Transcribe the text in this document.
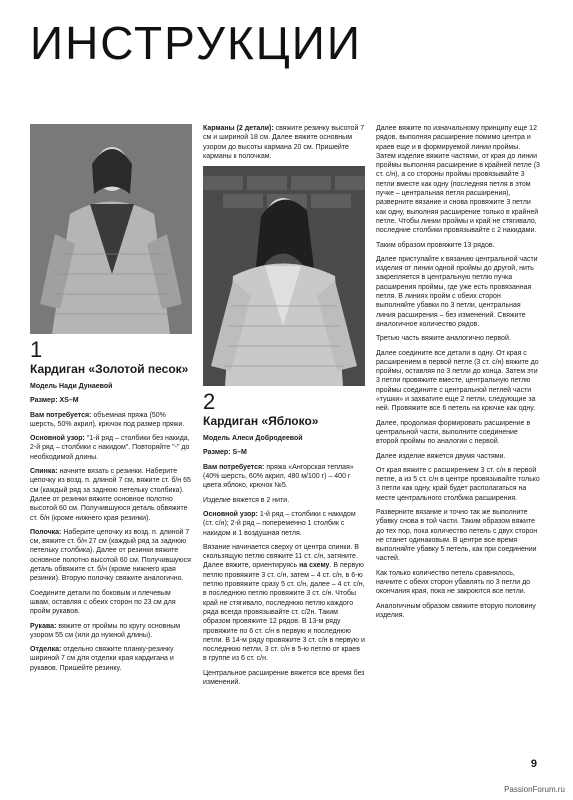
ИНСТРУКЦИИ
1
Кардиган «Золотой песок»

Модель Нади Дунаевой

Размер: XS–M

Вам потребуется: объемная пряжа (50% шерсть, 50% акрил), крючок под размер пряжи.

Основной узор: "1-й ряд – столбики без накида, 2-й ряд – столбики с накидом". Повторяйте "-" до необходимой длины.

Спинка: начните вязать с резинки. Наберите цепочку из возд. п. длиной 7 см, вяжите ст. б/н 65 см (каждый ряд за заднюю петельку столбика). Далее от резинки вяжите основное полотно высотой 60 см. Получившуюся деталь обвяжите ст. б/н (кроме нижнего края резинки).

Полочка: Наберите цепочку из возд. п. длиной 7 см, вяжите ст. б/н 27 см (каждый ряд за заднюю петельку столбика). Далее от резинки вяжите основное полотно высотой 60 см. Получившуюся деталь обвяжите ст. б/н (кроме нижнего края резинки). Вторую полочку свяжите аналогично.

Соедините детали по боковым и плечевым швам, оставляя с обеих сторон по 23 см для пройм рукавов.

Рукава: вяжите от проймы по кругу основным узором 55 см (или до нужной длины).

Отделка: отдельно свяжите планку-резинку шириной 7 см для отделки края кардигана и рукавов. Пришейте резинку.

Карманы (2 детали): свяжите резинку высотой 7 см и шириной 18 см. Далее вяжите основным узором до высоты кармана 20 см. Пришейте карманы к полочкам.

2
Кардиган «Яблоко»

Модель Алеси Добродеевой

Размер: S–M

Вам потребуется: пряжа «Ангорская теплая» (40% шерсть, 60% акрил, 480 м/100 г) – 400 г цвета яблоко, крючок №5.

Изделие вяжется в 2 нити.

Основной узор: 1-й ряд – столбики с накидом (ст. с/н); 2-й ряд – попеременно 1 столбик с накидом и 1 воздушная петля.

Вязание начинается сверху от центра спинки. В скользящую петлю свяжите 11 ст. с/н, затяните. Далее вяжите, ориентируясь на схему. В первую петлю провяжите 3 ст. с/н, затем – 4 ст. с/н, в 6-ю петлю провяжите сразу 5 ст. с/н, далее – 4 ст. с/н, в последнюю петлю провяжите 3 ст. с/н. Чтобы край не стягивало, последнюю петлю каждого ряда всегда провязывайте ст. с/2н. Таким образом провяжите 12 рядов. В 13-м ряду провяжите по 6 ст. с/н в первую и последнюю петли. В 14-м ряду провяжите 3 ст. с/н в первую и последнюю петли, 3 ст. с/н в 5-ю петлю от краев в группе из 6 ст. с/н.

Центральное расширение вяжется все время без изменений.

Далее вяжите по изначальному принципу еще 12 рядов, выполняя расширение помимо центра и краев еще и в формируемой линии проймы. Затем изделие вяжите частями, от края до линии проймы выполняя расширение в крайней петле (3 ст. с/н), а со стороны проймы провязывайте 3 петли вместе как одну (последняя петля в этом пучке – центральная петля расширения), разверните вязание и снова провяжите 3 петли как одну, выполняя расширение только в крайней петле. Чтобы линии проймы и край не стягивало, последние столбики провязывайте с 2 накидами.

Таким образом провяжите 13 рядов.

Далее приступайте к вязанию центральной части изделия от линии одной проймы до другой, нить закрепляется в центральную петлю пучка расширения проймы, где уже есть провязанная петля. В линиях пройм с обеих сторон выполняйте убавки по 3 петли, центральная линия расширения – без изменений. Свяжите аналогичное количество рядов.

Третью часть вяжите аналогично первой.

Далее соедините все детали в одну. От края с расширением в первой петле (3 ст. с/н) вяжите до проймы, оставляя по 3 петли до конца. Затем эти 3 петли провяжите вместе, центральную петлю проймы соедините с центральной петлей части «тушки» и захватите еще 2 петли, следующие за ней. Провяжите все 6 петель на крючке как одну.

Далее, продолжая формировать расширение в центральной части, выполните соединение второй проймы по аналогии с первой.

Далее изделие вяжется двумя частями.

От края вяжите с расширением 3 ст. с/н в первой петле, а из 5 ст. с/н в центре провязывайте только 3 петли как одну, край будет располагаться на месте центрального столбика расширения.

Разверните вязание и точно так же выполните убавку снова в той части. Таким образом вяжите до тех пор, пока количество петель с двух сторон не станет одинаковым. В центре все время выполняйте убавку 5 петель, как при соединении частей.

Как только количество петель сравнялось, начните с обеих сторон убавлять по 3 петли до окончания края, пока не закроются все петли.

Аналогичным образом свяжите вторую половину изделия.

9
PassionForum.ru
